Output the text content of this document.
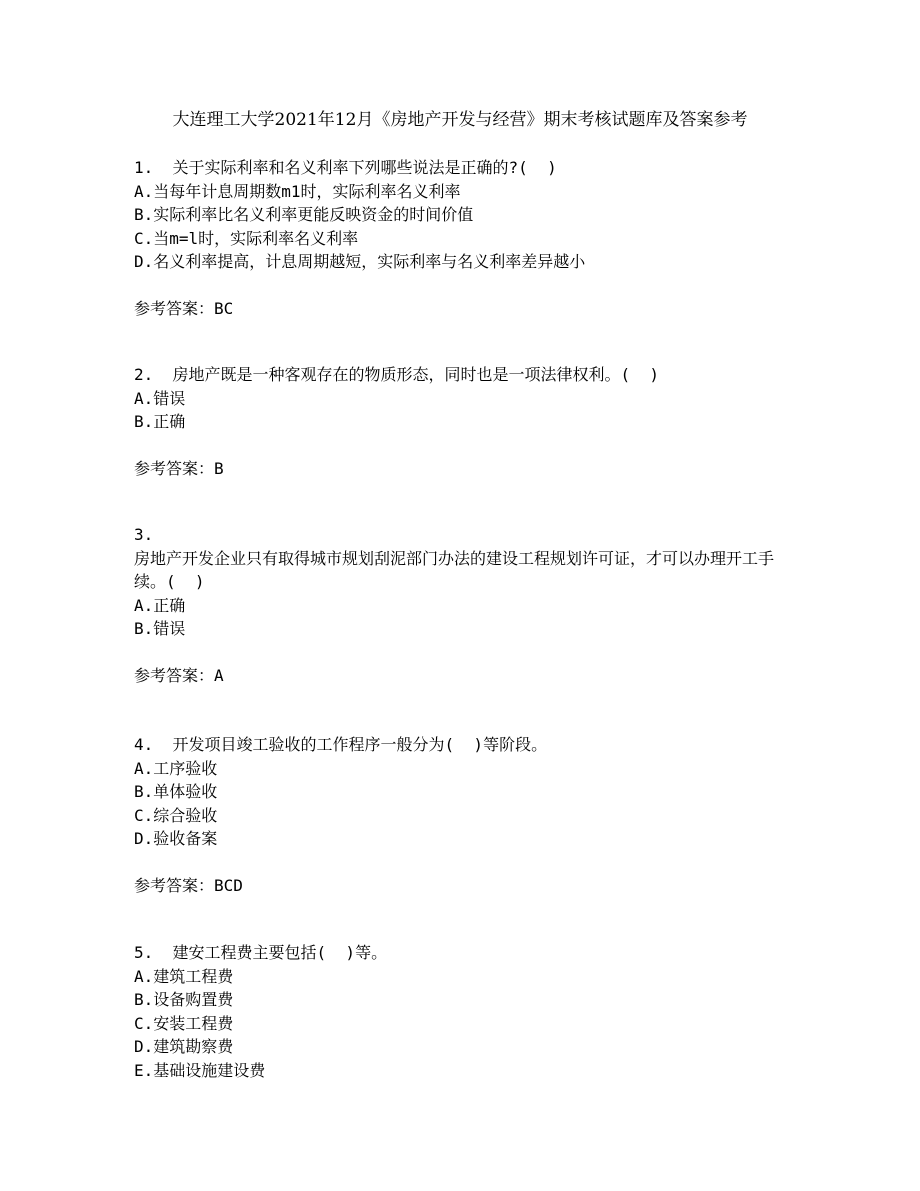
大连理工大学2021年12月《房地产开发与经营》期末考核试题库及答案参考
1.  关于实际利率和名义利率下列哪些说法是正确的?(  )
A.当每年计息周期数m1时，实际利率名义利率
B.实际利率比名义利率更能反映资金的时间价值
C.当m=l时，实际利率名义利率
D.名义利率提高，计息周期越短，实际利率与名义利率差异越小
参考答案：BC
2.  房地产既是一种客观存在的物质形态，同时也是一项法律权利。(  )
A.错误
B.正确
参考答案：B
3.
房地产开发企业只有取得城市规划刮泥部门办法的建设工程规划许可证，才可以办理开工手续。(  )
A.正确
B.错误
参考答案：A
4.  开发项目竣工验收的工作程序一般分为(  )等阶段。
A.工序验收
B.单体验收
C.综合验收
D.验收备案
参考答案：BCD
5.  建安工程费主要包括(  )等。
A.建筑工程费
B.设备购置费
C.安装工程费
D.建筑勘察费
E.基础设施建设费
